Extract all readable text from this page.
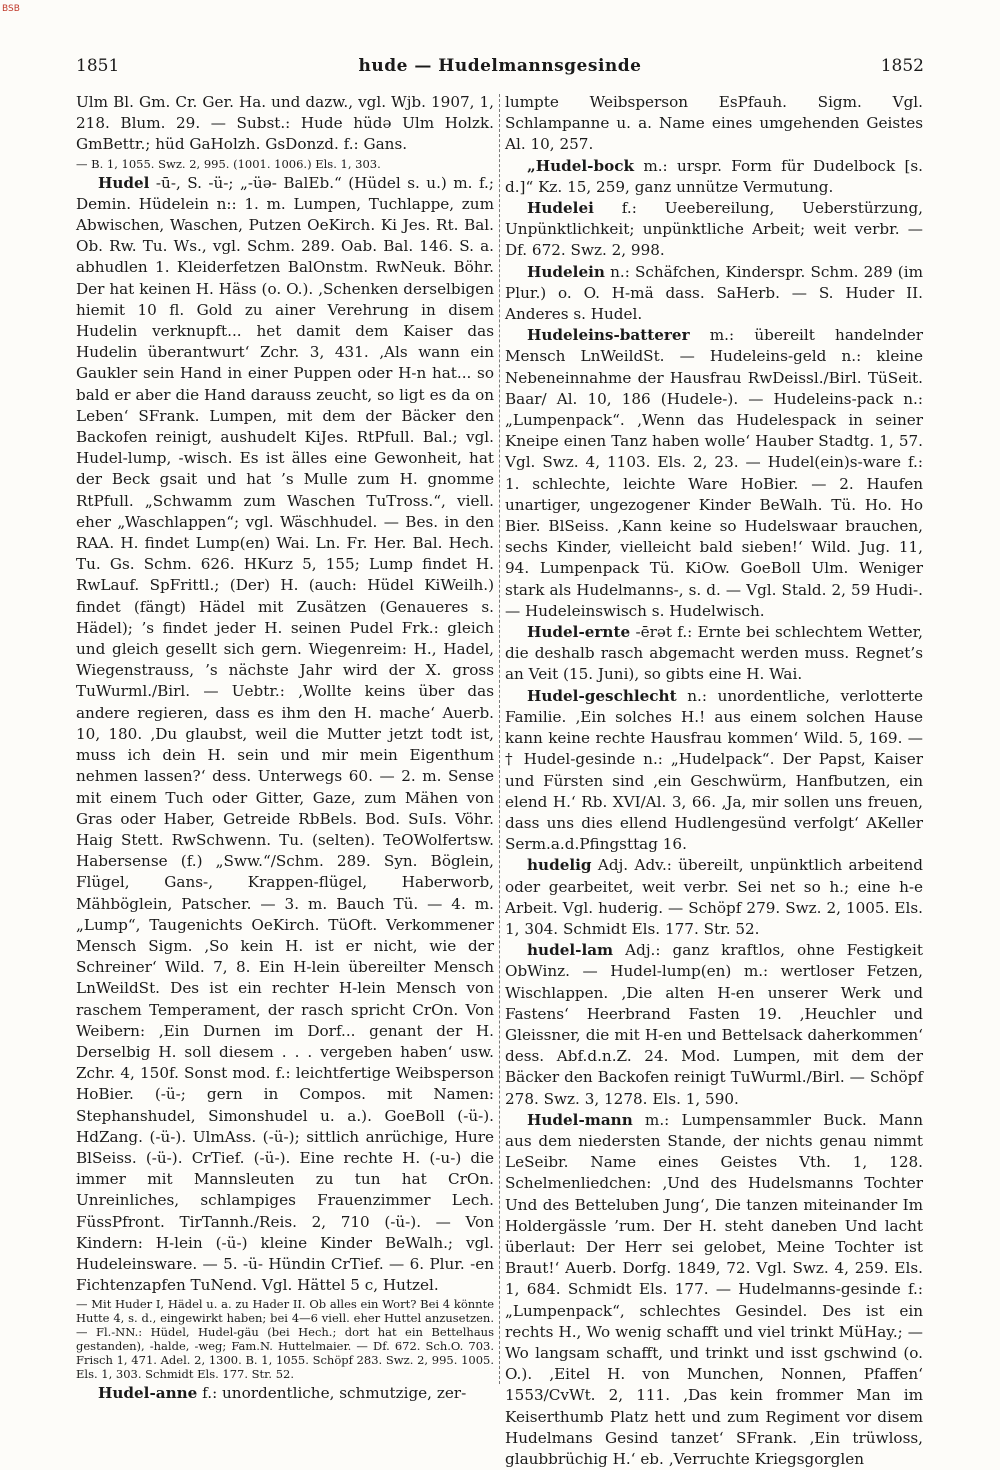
BSB
1851	hude — Hudelmannsgesinde	1852

Ulm Bl. Gm. Cr. Ger. Ha. und dazw., vgl. Wjb. 1907, 1, 218. Blum. 29. — Subst.: Hude hüdə Ulm Holzk. GmBettr.; hüd GaHolzh. GsDonzd. f.: Gans.

— B. 1, 1055. Swz. 2, 995. (1001. 1006.) Els. 1, 303.

Hudel -ū-, S. -ü-; „-üə- BalEb.“ (Hüdel s. u.) m. f.; Demin. Hüdelein n:: 1. m. Lumpen, Tuchlappe, zum Abwischen, Waschen, Putzen OeKirch. Ki Jes. Rt. Bal. Ob. Rw. Tu. Ws., vgl. Schm. 289. Oab. Bal. 146. S. a. abhudlen 1. Kleiderfetzen BalOnstm. RwNeuk. Böhr. Der hat keinen H. Häss (o. O.). ‚Schenken derselbigen hiemit 10 fl. Gold zu ainer Verehrung in disem Hudelin verknupft... het damit dem Kaiser das Hudelin überantwurt‘ Zchr. 3, 431. ‚Als wann ein Gaukler sein Hand in einer Puppen oder H-n hat... so bald er aber die Hand darauss zeucht, so ligt es da on Leben‘ SFrank. Lumpen, mit dem der Bäcker den Backofen reinigt, aushudelt KiJes. RtPfull. Bal.; vgl. Hudel-lump, -wisch. Es ist älles eine Gewonheit, hat der Beck gsait und hat ’s Mulle zum H. gnomme RtPfull. „Schwamm zum Waschen TuTross.“, viell. eher „Waschlappen“; vgl. Wäschhudel. — Bes. in den RAA. H. findet Lump(en) Wai. Ln. Fr. Her. Bal. Hech. Tu. Gs. Schm. 626. HKurz 5, 155; Lump findet H. RwLauf. SpFrittl.; (Der) H. (auch: Hüdel KiWeilh.) findet (fängt) Hädel mit Zusätzen (Genaueres s. Hädel); ’s findet jeder H. seinen Pudel Frk.: gleich und gleich gesellt sich gern. Wiegenreim: H., Hadel, Wiegenstrauss, ’s nächste Jahr wird der X. gross TuWurml./Birl. — Uebtr.: ‚Wollte keins über das andere regieren, dass es ihm den H. mache‘ Auerb. 10, 180. ‚Du glaubst, weil die Mutter jetzt todt ist, muss ich dein H. sein und mir mein Eigenthum nehmen lassen?‘ dess. Unterwegs 60. — 2. m. Sense mit einem Tuch oder Gitter, Gaze, zum Mähen von Gras oder Haber, Getreide RbBels. Bod. SuIs. Vöhr. Haig Stett. RwSchwenn. Tu. (selten). TeOWolfertsw. Habersense (f.) „Sww.“/Schm. 289. Syn. Böglein, Flügel, Gans-, Krappen-flügel, Haberworb, Mähböglein, Patscher. — 3. m. Bauch Tü. — 4. m. „Lump“, Taugenichts OeKirch. TüOft. Verkommener Mensch Sigm. ‚So kein H. ist er nicht, wie der Schreiner‘ Wild. 7, 8. Ein H-lein übereilter Mensch LnWeildSt. Des ist ein rechter H-lein Mensch von raschem Temperament, der rasch spricht CrOn. Von Weibern: ‚Ein Durnen im Dorf... genant der H. Derselbig H. soll diesem . . . vergeben haben‘ usw. Zchr. 4, 150f. Sonst mod. f.: leichtfertige Weibsperson HoBier. (-ü-; gern in Compos. mit Namen: Stephanshudel, Simonshudel u. a.). GoeBoll (-ü-). HdZang. (-ü-). UlmAss. (-ü-); sittlich anrüchige, Hure BlSeiss. (-ü-). CrTief. (-ü-). Eine rechte H. (-u-) die immer mit Mannsleuten zu tun hat CrOn. Unreinliches, schlampiges Frauenzimmer Lech. FüssPfront. TirTannh./Reis. 2, 710 (-ü-). — Von Kindern: H-lein (-ü-) kleine Kinder BeWalh.; vgl. Hudeleinsware. — 5. -ü- Hündin CrTief. — 6. Plur. -en Fichtenzapfen TuNend. Vgl. Hättel 5 c, Hutzel.

— Mit Huder I, Hädel u. a. zu Hader II. Ob alles ein Wort? Bei 4 könnte Hutte 4, s. d., eingewirkt haben; bei 4—6 viell. eher Huttel anzusetzen. — Fl.-NN.: Hüdel, Hudel-gäu (bei Hech.; dort hat ein Bettelhaus gestanden), -halde, -weg; Fam.N. Huttelmaier. — Df. 672. Sch.O. 703. Frisch 1, 471. Adel. 2, 1300. B. 1, 1055. Schöpf 283. Swz. 2, 995. 1005. Els. 1, 303. Schmidt Els. 177. Str. 52.

Hudel-anne f.: unordentliche, schmutzige, zer-

lumpte Weibsperson EsPfauh. Sigm. Vgl. Schlampanne u. a. Name eines umgehenden Geistes Al. 10, 257.

„Hudel-bock m.: urspr. Form für Dudelbock [s. d.]“ Kz. 15, 259, ganz unnütze Vermutung.

Hudelei f.: Ueebereilung, Ueberstürzung, Unpünktlichkeit; unpünktliche Arbeit; weit verbr. — Df. 672. Swz. 2, 998.

Hudelein n.: Schäfchen, Kinderspr. Schm. 289 (im Plur.) o. O. H-mä dass. SaHerb. — S. Huder II. Anderes s. Hudel.

Hudeleins-batterer m.: übereilt handelnder Mensch LnWeildSt. — Hudeleins-geld n.: kleine Nebeneinnahme der Hausfrau RwDeissl./Birl. TüSeit. Baar/ Al. 10, 186 (Hudele-). — Hudeleins-pack n.: „Lumpenpack“. ‚Wenn das Hudelespack in seiner Kneipe einen Tanz haben wolle‘ Hauber Stadtg. 1, 57. Vgl. Swz. 4, 1103. Els. 2, 23. — Hudel(ein)s-ware f.: 1. schlechte, leichte Ware HoBier. — 2. Haufen unartiger, ungezogener Kinder BeWalh. Tü. Ho. Ho Bier. BlSeiss. ‚Kann keine so Hudelswaar brauchen, sechs Kinder, vielleicht bald sieben!‘ Wild. Jug. 11, 94. Lumpenpack Tü. KiOw. GoeBoll Ulm. Weniger stark als Hudelmanns-, s. d. — Vgl. Stald. 2, 59 Hudi-. — Hudeleinswisch s. Hudelwisch.

Hudel-ernte -ērət f.: Ernte bei schlechtem Wetter, die deshalb rasch abgemacht werden muss. Regnet’s an Veit (15. Juni), so gibts eine H. Wai.

Hudel-geschlecht n.: unordentliche, verlotterte Familie. ‚Ein solches H.! aus einem solchen Hause kann keine rechte Hausfrau kommen‘ Wild. 5, 169. — † Hudel-gesinde n.: „Hudelpack“. Der Papst, Kaiser und Fürsten sind ‚ein Geschwürm, Hanfbutzen, ein elend H.‘ Rb. XVI/Al. 3, 66. ‚Ja, mir sollen uns freuen, dass uns dies ellend Hudlengesünd verfolgt‘ AKeller Serm.a.d.Pfingsttag 16.

hudelig Adj. Adv.: übereilt, unpünktlich arbeitend oder gearbeitet, weit verbr. Sei net so h.; eine h-e Arbeit. Vgl. huderig. — Schöpf 279. Swz. 2, 1005. Els. 1, 304. Schmidt Els. 177. Str. 52.

hudel-lam Adj.: ganz kraftlos, ohne Festigkeit ObWinz. — Hudel-lump(en) m.: wertloser Fetzen, Wischlappen. ‚Die alten H-en unserer Werk und Fastens‘ Heerbrand Fasten 19. ‚Heuchler und Gleissner, die mit H-en und Bettelsack daherkommen‘ dess. Abf.d.n.Z. 24. Mod. Lumpen, mit dem der Bäcker den Backofen reinigt TuWurml./Birl. — Schöpf 278. Swz. 3, 1278. Els. 1, 590.

Hudel-mann m.: Lumpensammler Buck. Mann aus dem niedersten Stande, der nichts genau nimmt LeSeibr. Name eines Geistes Vth. 1, 128. Schelmenliedchen: ‚Und des Hudelsmanns Tochter Und des Betteluben Jung‘, Die tanzen miteinander Im Holdergässle ’rum. Der H. steht daneben Und lacht überlaut: Der Herr sei gelobet, Meine Tochter ist Braut!‘ Auerb. Dorfg. 1849, 72. Vgl. Swz. 4, 259. Els. 1, 684. Schmidt Els. 177. — Hudelmanns-gesinde f.: „Lumpenpack“, schlechtes Gesindel. Des ist ein rechts H., Wo wenig schafft und viel trinkt MüHay.; — Wo langsam schafft, und trinkt und isst gschwind (o. O.). ‚Eitel H. von Munchen, Nonnen, Pfaffen‘ 1553/CvWt. 2, 111. ‚Das kein frommer Man im Keiserthumb Platz hett und zum Regiment vor disem Hudelmans Gesind tanzet‘ SFrank. ‚Ein trüwloss, glaubbrüchig H.‘ eb. ‚Verruchte Kriegsgorglen
